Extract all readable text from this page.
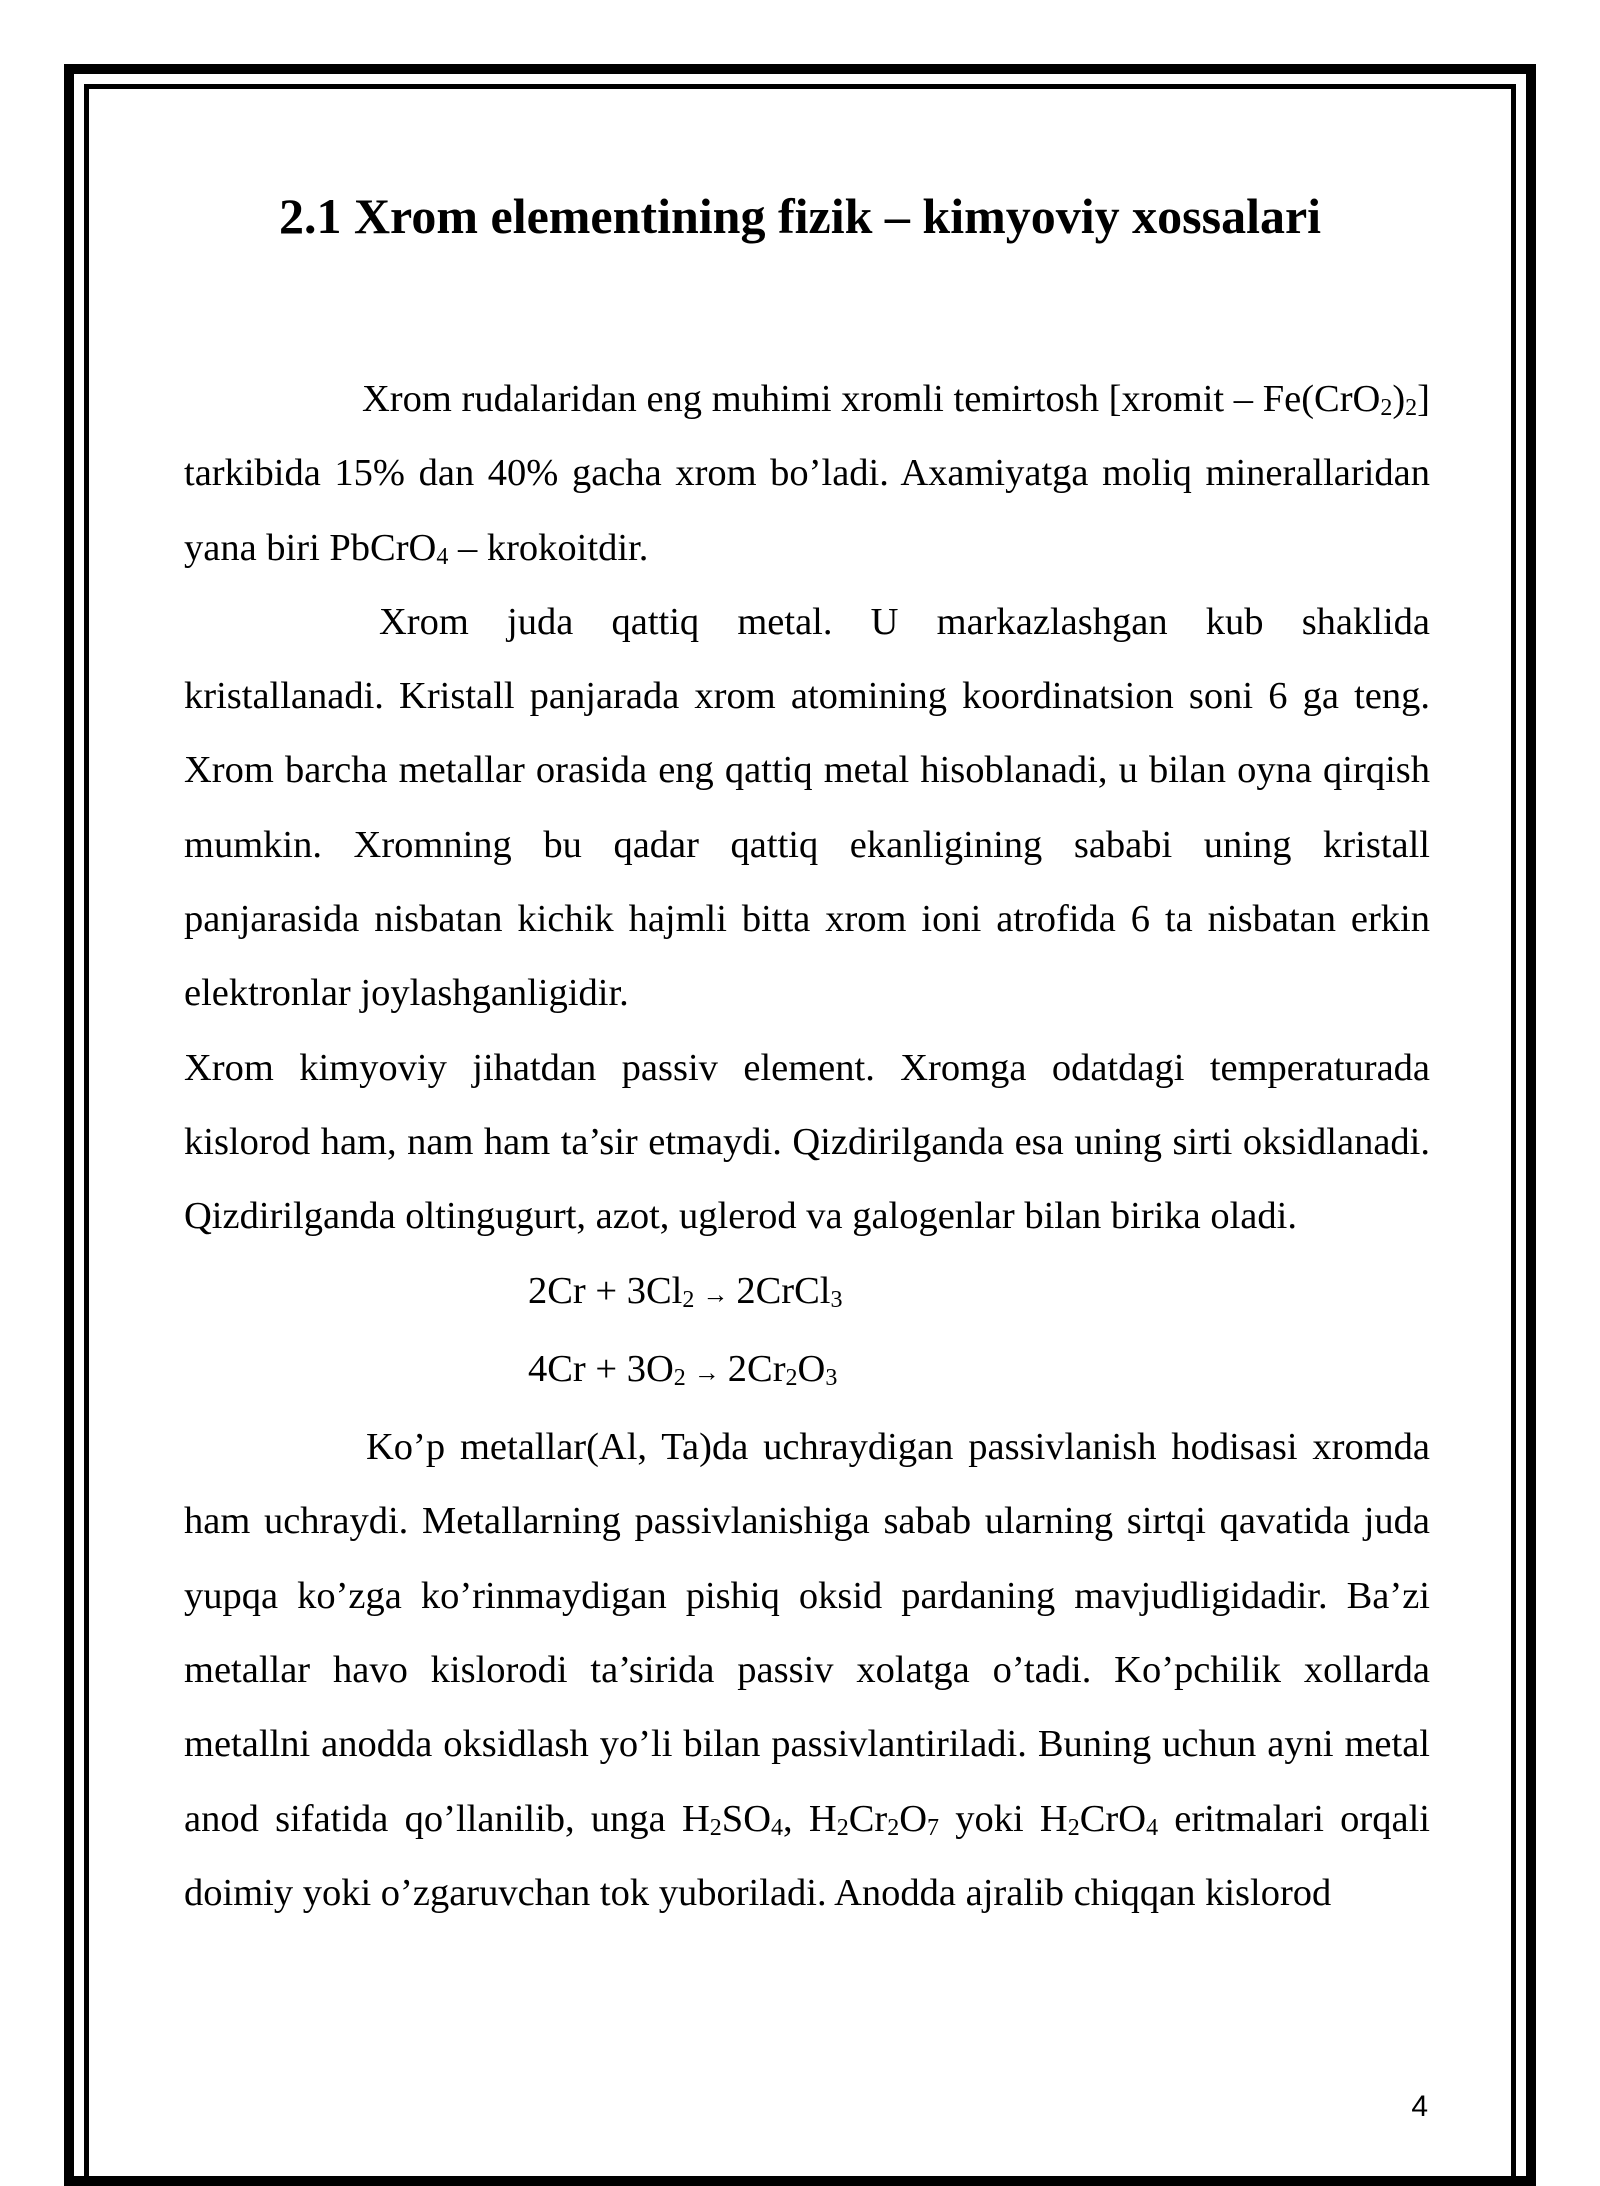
2.1 Xrom elementining fizik – kimyoviy xossalari

Xrom rudalaridan eng muhimi xromli temirtosh [xromit – $Fe(CrO_2)_2$] tarkibida 15% dan 40% gacha xrom bo’ladi. Axamiyatga moliq minerallaridan yana biri PbCrO$_4$ – krokoitdir.

Xrom juda qattiq metal. U markazlashgan kub shaklida kristallanadi. Kristall panjarada xrom atomining koordinatsion soni 6 ga teng. Xrom barcha metallar orasida eng qattiq metal hisoblanadi, u bilan oyna qirqish mumkin. Xromning bu qadar qattiq ekanligining sababi uning kristall panjarasida nisbatan kichik hajmli bitta xrom ioni atrofida 6 ta nisbatan erkin elektronlar joylashganligidir.

Xrom kimyoviy jihatdan passiv element. Xromga odatdagi temperaturada kislorod ham, nam ham ta’sir etmaydi. Qizdirilganda esa uning sirti oksidlanadi. Qizdirilganda oltingugurt, azot, uglerod va galogenlar bilan birika oladi.

$2Cr + 3Cl_2$ → 2CrCl$_3$
$4Cr + 3O_2 \to 2Cr_2O_3$

Ko’p metallar(Al, Ta)da uchraydigan passivlanish hodisasi xromda ham uchraydi. Metallarning passivlanishiga sabab ularning sirtqi qavatida juda yupqa ko’zga ko’rinmaydigan pishiq oksid pardaning mavjudligidadir. Ba’zi metallar havo kislorodi ta’sirida passiv xolatga o’tadi. Ko’pchilik xollarda metallni anodda oksidlash yo’li bilan passivlantiriladi. Buning uchun ayni metal anod sifatida qo’llanilib, unga $H_2SO_4$, $H_2Cr_2O_7$ yoki $H_2CrO_4$ eritmalari orqali doimiy yoki o’zgaruvchan tok yuboriladi. Anodda ajralib chiqqan kislorod

4
